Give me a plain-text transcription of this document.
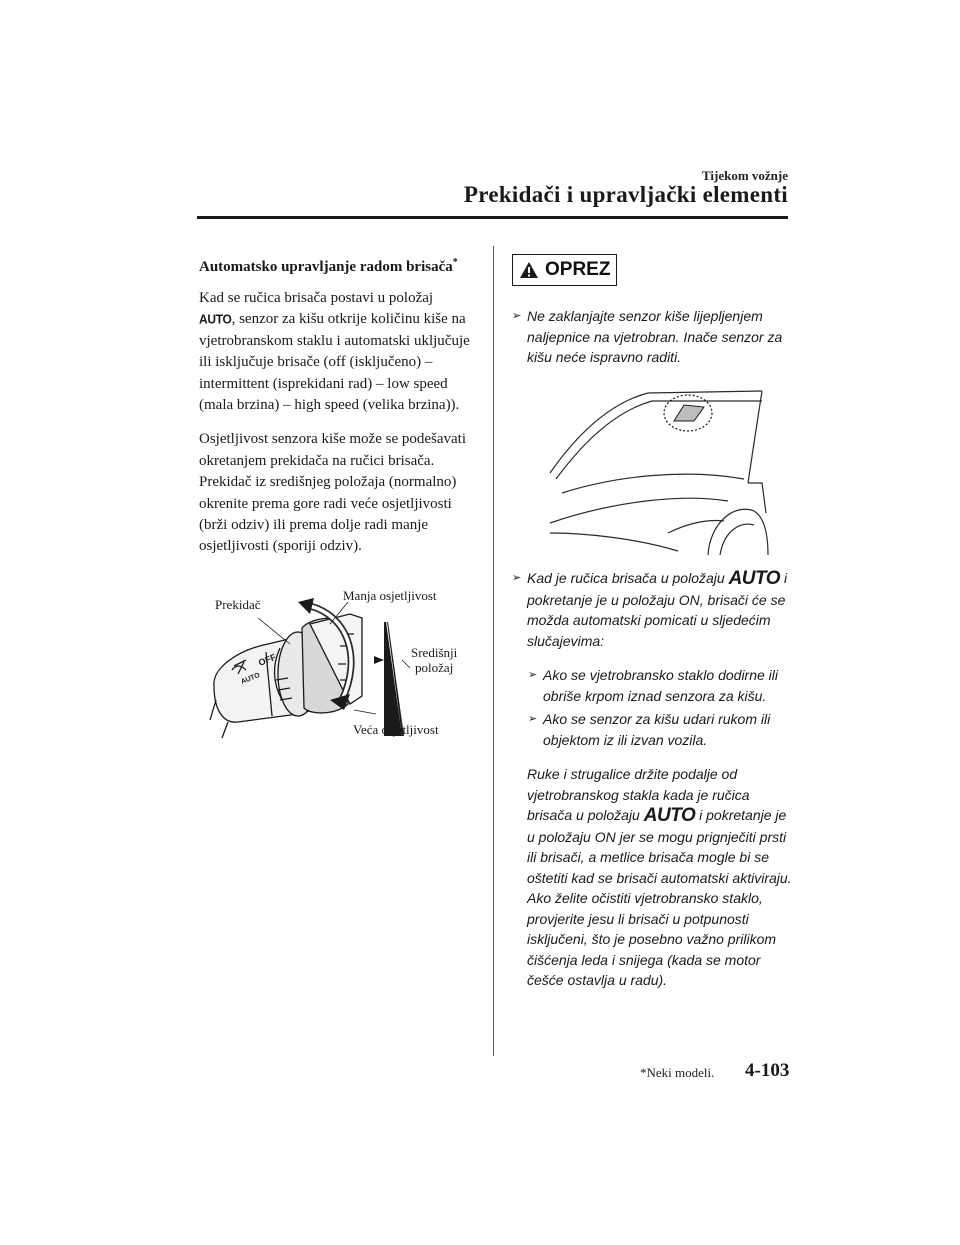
Tijekom vožnje
Prekidači i upravljački elementi
Automatsko upravljanje radom brisača*

Kad se ručica brisača postavi u položaj
AUTO, senzor za kišu otkrije količinu kiše na vjetrobranskom staklu i automatski uključuje ili isključuje brisače (off (isključeno) – intermittent (isprekidani rad) – low speed (mala brzina) – high speed (velika brzina)).

Osjetljivost senzora kiše može se podešavati okretanjem prekidača na ručici brisača.
Prekidač iz središnjeg položaja (normalno) okrenite prema gore radi veće osjetljivosti (brži odziv) ili prema dolje radi manje osjetljivosti (sporiji odziv).

OFF
AUTO
Prekidač
Manja osjetljivost
Središnji
položaj
Veća osjetljivost
OPREZ

➢ Ne zaklanjajte senzor kiše lijepljenjem naljepnice na vjetrobran. Inače senzor za kišu neće ispravno raditi.

➢ Kad je ručica brisača u položaju AUTO i pokretanje je u položaju ON, brisači će se možda automatski pomicati u sljedećim slučajevima:

➢ Ako se vjetrobransko staklo dodirne ili obriše krpom iznad senzora za kišu.

➢ Ako se senzor za kišu udari rukom ili objektom iz ili izvan vozila.

Ruke i strugalice držite podalje od vjetrobranskog stakla kada je ručica brisača u položaju AUTO i pokretanje je u položaju ON jer se mogu prignječiti prsti ili brisači, a metlice brisača mogle bi se oštetiti kad se brisači automatski aktiviraju.
Ako želite očistiti vjetrobransko staklo, provjerite jesu li brisači u potpunosti isključeni, što je posebno važno prilikom čišćenja leda i snijega (kada se motor češće ostavlja u radu).

*Neki modeli. 4-103
